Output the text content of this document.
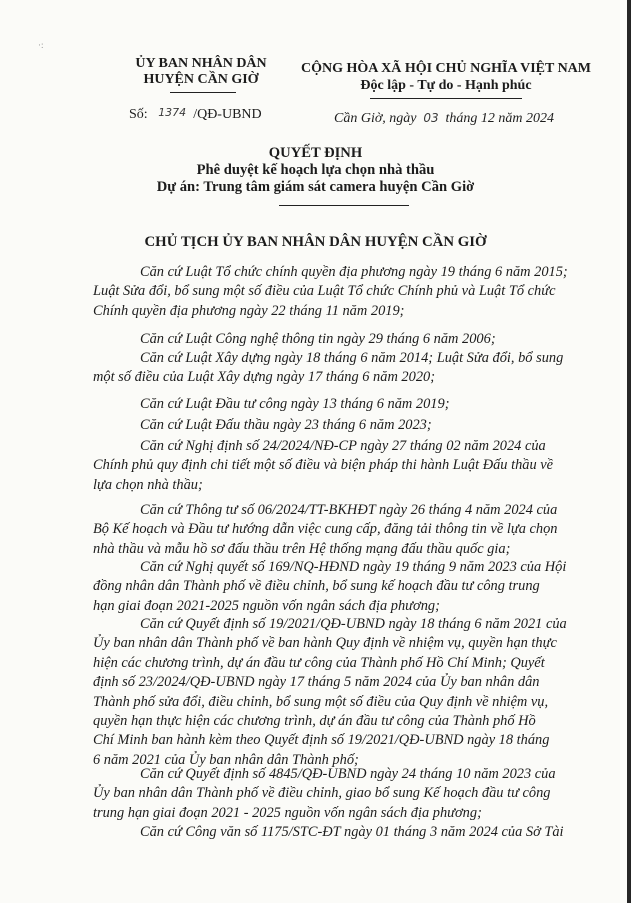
·:
ỦY BAN NHÂN DÂN
HUYỆN CẦN GIỜ
Số: 1374 /QĐ-UBND
CỘNG HÒA XÃ HỘI CHỦ NGHĨA VIỆT NAM
Độc lập - Tự do - Hạnh phúc
Cần Giờ, ngày 03 tháng 12 năm 2024
QUYẾT ĐỊNH
Phê duyệt kế hoạch lựa chọn nhà thầu
Dự án: Trung tâm giám sát camera huyện Cần Giờ
CHỦ TỊCH ỦY BAN NHÂN DÂN HUYỆN CẦN GIỜ
Căn cứ Luật Tổ chức chính quyền địa phương ngày 19 tháng 6 năm 2015;
Luật Sửa đổi, bổ sung một số điều của Luật Tổ chức Chính phủ và Luật Tổ chức
Chính quyền địa phương ngày 22 tháng 11 năm 2019;
Căn cứ Luật Công nghệ thông tin ngày 29 tháng 6 năm 2006;
Căn cứ Luật Xây dựng ngày 18 tháng 6 năm 2014; Luật Sửa đổi, bổ sung
một số điều của Luật Xây dựng ngày 17 tháng 6 năm 2020;
Căn cứ Luật Đầu tư công ngày 13 tháng 6 năm 2019;
Căn cứ Luật Đấu thầu ngày 23 tháng 6 năm 2023;
Căn cứ Nghị định số 24/2024/NĐ-CP ngày 27 tháng 02 năm 2024 của
Chính phủ quy định chi tiết một số điều và biện pháp thi hành Luật Đấu thầu về
lựa chọn nhà thầu;
Căn cứ Thông tư số 06/2024/TT-BKHĐT ngày 26 tháng 4 năm 2024 của
Bộ Kế hoạch và Đầu tư hướng dẫn việc cung cấp, đăng tải thông tin về lựa chọn
nhà thầu và mẫu hồ sơ đấu thầu trên Hệ thống mạng đấu thầu quốc gia;
Căn cứ Nghị quyết số 169/NQ-HĐND ngày 19 tháng 9 năm 2023 của Hội
đồng nhân dân Thành phố về điều chỉnh, bổ sung kế hoạch đầu tư công trung
hạn giai đoạn 2021-2025 nguồn vốn ngân sách địa phương;
Căn cứ Quyết định số 19/2021/QĐ-UBND ngày 18 tháng 6 năm 2021 của
Ủy ban nhân dân Thành phố về ban hành Quy định về nhiệm vụ, quyền hạn thực
hiện các chương trình, dự án đầu tư công của Thành phố Hồ Chí Minh; Quyết
định số 23/2024/QĐ-UBND ngày 17 tháng 5 năm 2024 của Ủy ban nhân dân
Thành phố sửa đổi, điều chỉnh, bổ sung một số điều của Quy định về nhiệm vụ,
quyền hạn thực hiện các chương trình, dự án đầu tư công của Thành phố Hồ
Chí Minh ban hành kèm theo Quyết định số 19/2021/QĐ-UBND ngày 18 tháng
6 năm 2021 của Ủy ban nhân dân Thành phố;
Căn cứ Quyết định số 4845/QĐ-UBND ngày 24 tháng 10 năm 2023 của
Ủy ban nhân dân Thành phố về điều chỉnh, giao bổ sung Kế hoạch đầu tư công
trung hạn giai đoạn 2021 - 2025 nguồn vốn ngân sách địa phương;
Căn cứ Công văn số 1175/STC-ĐT ngày 01 tháng 3 năm 2024 của Sở Tài
